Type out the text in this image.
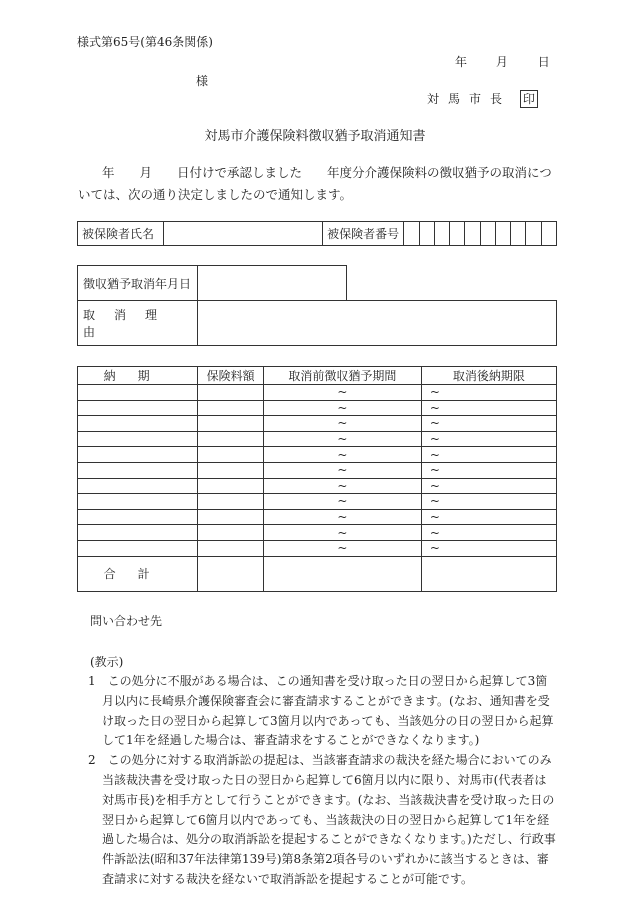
様式第65号(第46条関係)
年 月 日
様
対馬市長 印
対馬市介護保険料徴収猶予取消通知書
年　　月　　日付けで承認しました　　年度分介護保険料の徴収猶予の取消については、次の通り決定しましたので通知します。
被保険者氏名		被保険者番号										
徴収猶予取消年月日		
取消理由		
納期	保険料額	取消前徴収猶予期間	取消後納期限
		~	~
		~	~
		~	~
		~	~
		~	~
		~	~
		~	~
		~	~
		~	~
		~	~
		~	~
合計			
問い合わせ先
(教示)

1　この処分に不服がある場合は、この通知書を受け取った日の翌日から起算して3箇月以内に長崎県介護保険審査会に審査請求することができます。(なお、通知書を受け取った日の翌日から起算して3箇月以内であっても、当該処分の日の翌日から起算して1年を経過した場合は、審査請求をすることができなくなります。)

2　この処分に対する取消訴訟の提起は、当該審査請求の裁決を経た場合においてのみ当該裁決書を受け取った日の翌日から起算して6箇月以内に限り、対馬市(代表者は対馬市長)を相手方として行うことができます。(なお、当該裁決書を受け取った日の翌日から起算して6箇月以内であっても、当該裁決の日の翌日から起算して1年を経過した場合は、処分の取消訴訟を提起することができなくなります。)ただし、行政事件訴訟法(昭和37年法律第139号)第8条第2項各号のいずれかに該当するときは、審査請求に対する裁決を経ないで取消訴訟を提起することが可能です。
